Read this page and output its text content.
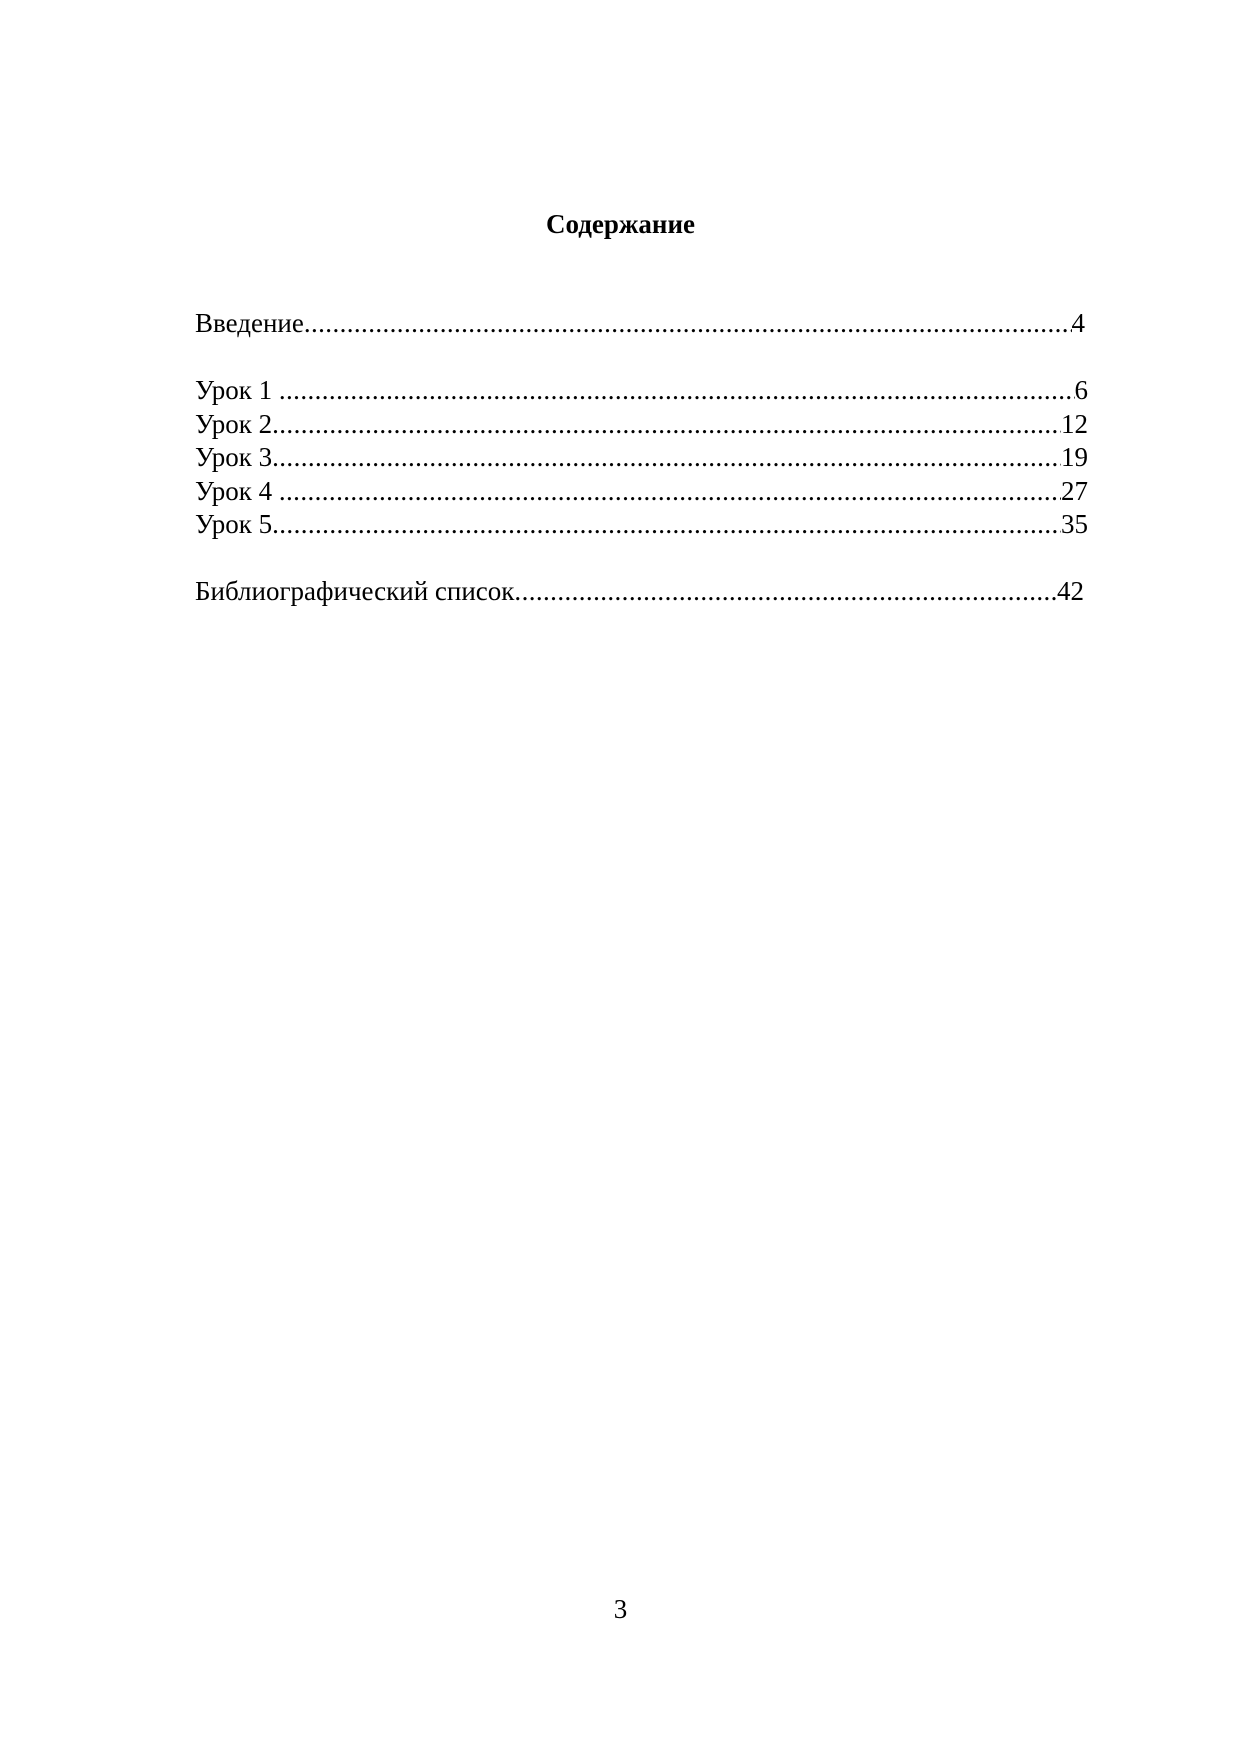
Содержание
Введение .....	4
Урок 1 .....	6
Урок 2 .....	12
Урок 3 .....	19
Урок 4 .....	27
Урок 5 .....	35
Библиографический список .....	42
3
